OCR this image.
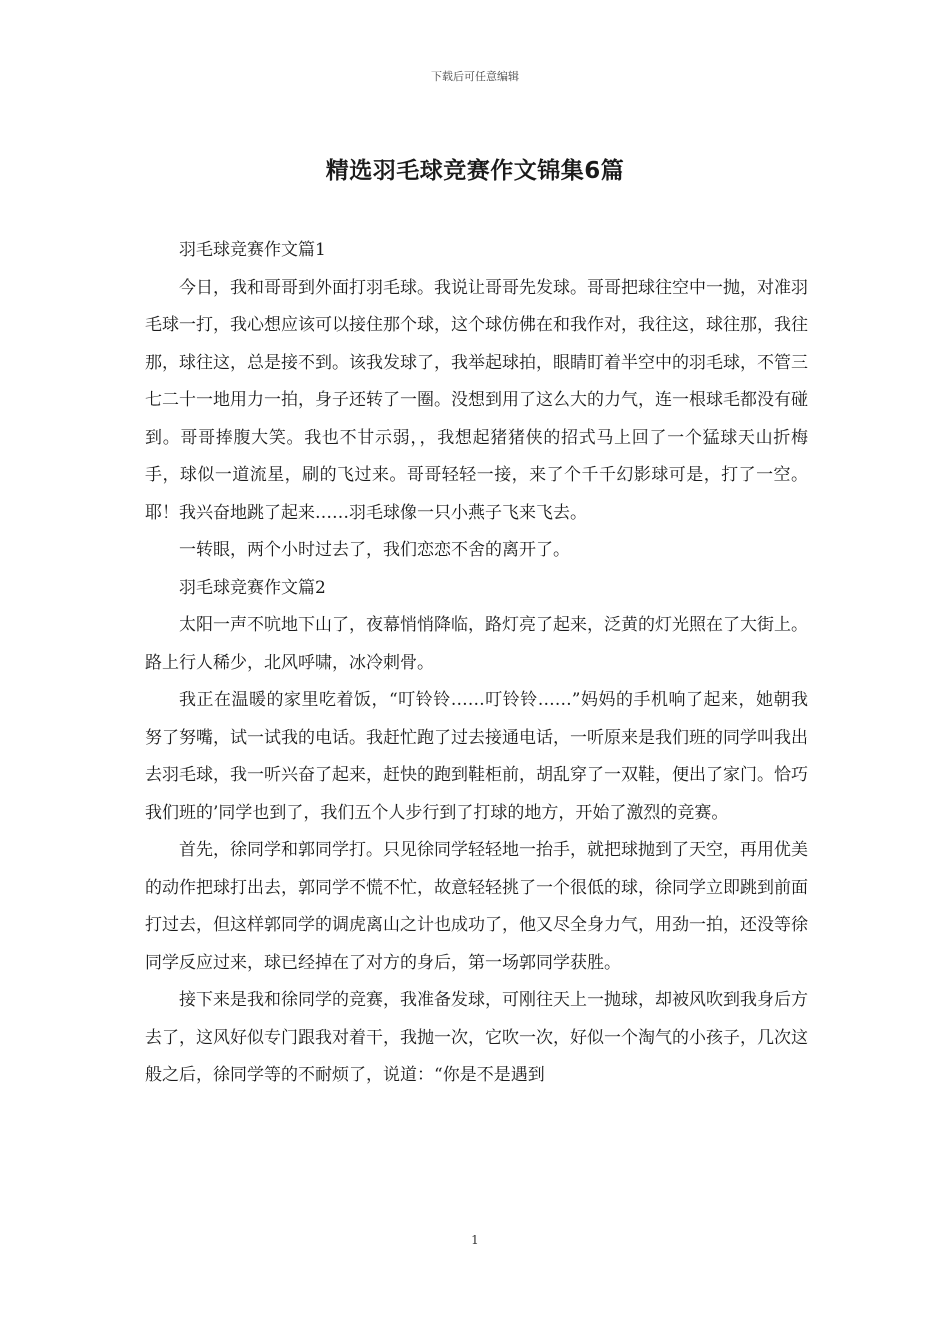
下载后可任意编辑
精选羽毛球竞赛作文锦集6篇

羽毛球竞赛作文篇1

今日，我和哥哥到外面打羽毛球。我说让哥哥先发球。哥哥把球往空中一抛，对准羽毛球一打，我心想应该可以接住那个球，这个球仿佛在和我作对，我往这，球往那，我往那，球往这，总是接不到。该我发球了，我举起球拍，眼睛盯着半空中的羽毛球，不管三七二十一地用力一拍，身子还转了一圈。没想到用了这么大的力气，连一根球毛都没有碰到。哥哥捧腹大笑。我也不甘示弱，，我想起猪猪侠的招式马上回了一个猛球天山折梅手，球似一道流星，刷的飞过来。哥哥轻轻一接，来了个千千幻影球可是，打了一空。耶！我兴奋地跳了起来……羽毛球像一只小燕子飞来飞去。

一转眼，两个小时过去了，我们恋恋不舍的离开了。

羽毛球竞赛作文篇2

太阳一声不吭地下山了，夜幕悄悄降临，路灯亮了起来，泛黄的灯光照在了大街上。路上行人稀少，北风呼啸，冰冷刺骨。

我正在温暖的家里吃着饭，“叮铃铃……叮铃铃……”妈妈的手机响了起来，她朝我努了努嘴，试一试我的电话。我赶忙跑了过去接通电话，一听原来是我们班的同学叫我出去羽毛球，我一听兴奋了起来，赶快的跑到鞋柜前，胡乱穿了一双鞋，便出了家门。恰巧我们班的’同学也到了，我们五个人步行到了打球的地方，开始了激烈的竞赛。

首先，徐同学和郭同学打。只见徐同学轻轻地一抬手，就把球抛到了天空，再用优美的动作把球打出去，郭同学不慌不忙，故意轻轻挑了一个很低的球，徐同学立即跳到前面打过去，但这样郭同学的调虎离山之计也成功了，他又尽全身力气，用劲一拍，还没等徐同学反应过来，球已经掉在了对方的身后，第一场郭同学获胜。

接下来是我和徐同学的竞赛，我准备发球，可刚往天上一抛球，却被风吹到我身后方去了，这风好似专门跟我对着干，我抛一次，它吹一次，好似一个淘气的小孩子，几次这般之后，徐同学等的不耐烦了，说道：“你是不是遇到

1
